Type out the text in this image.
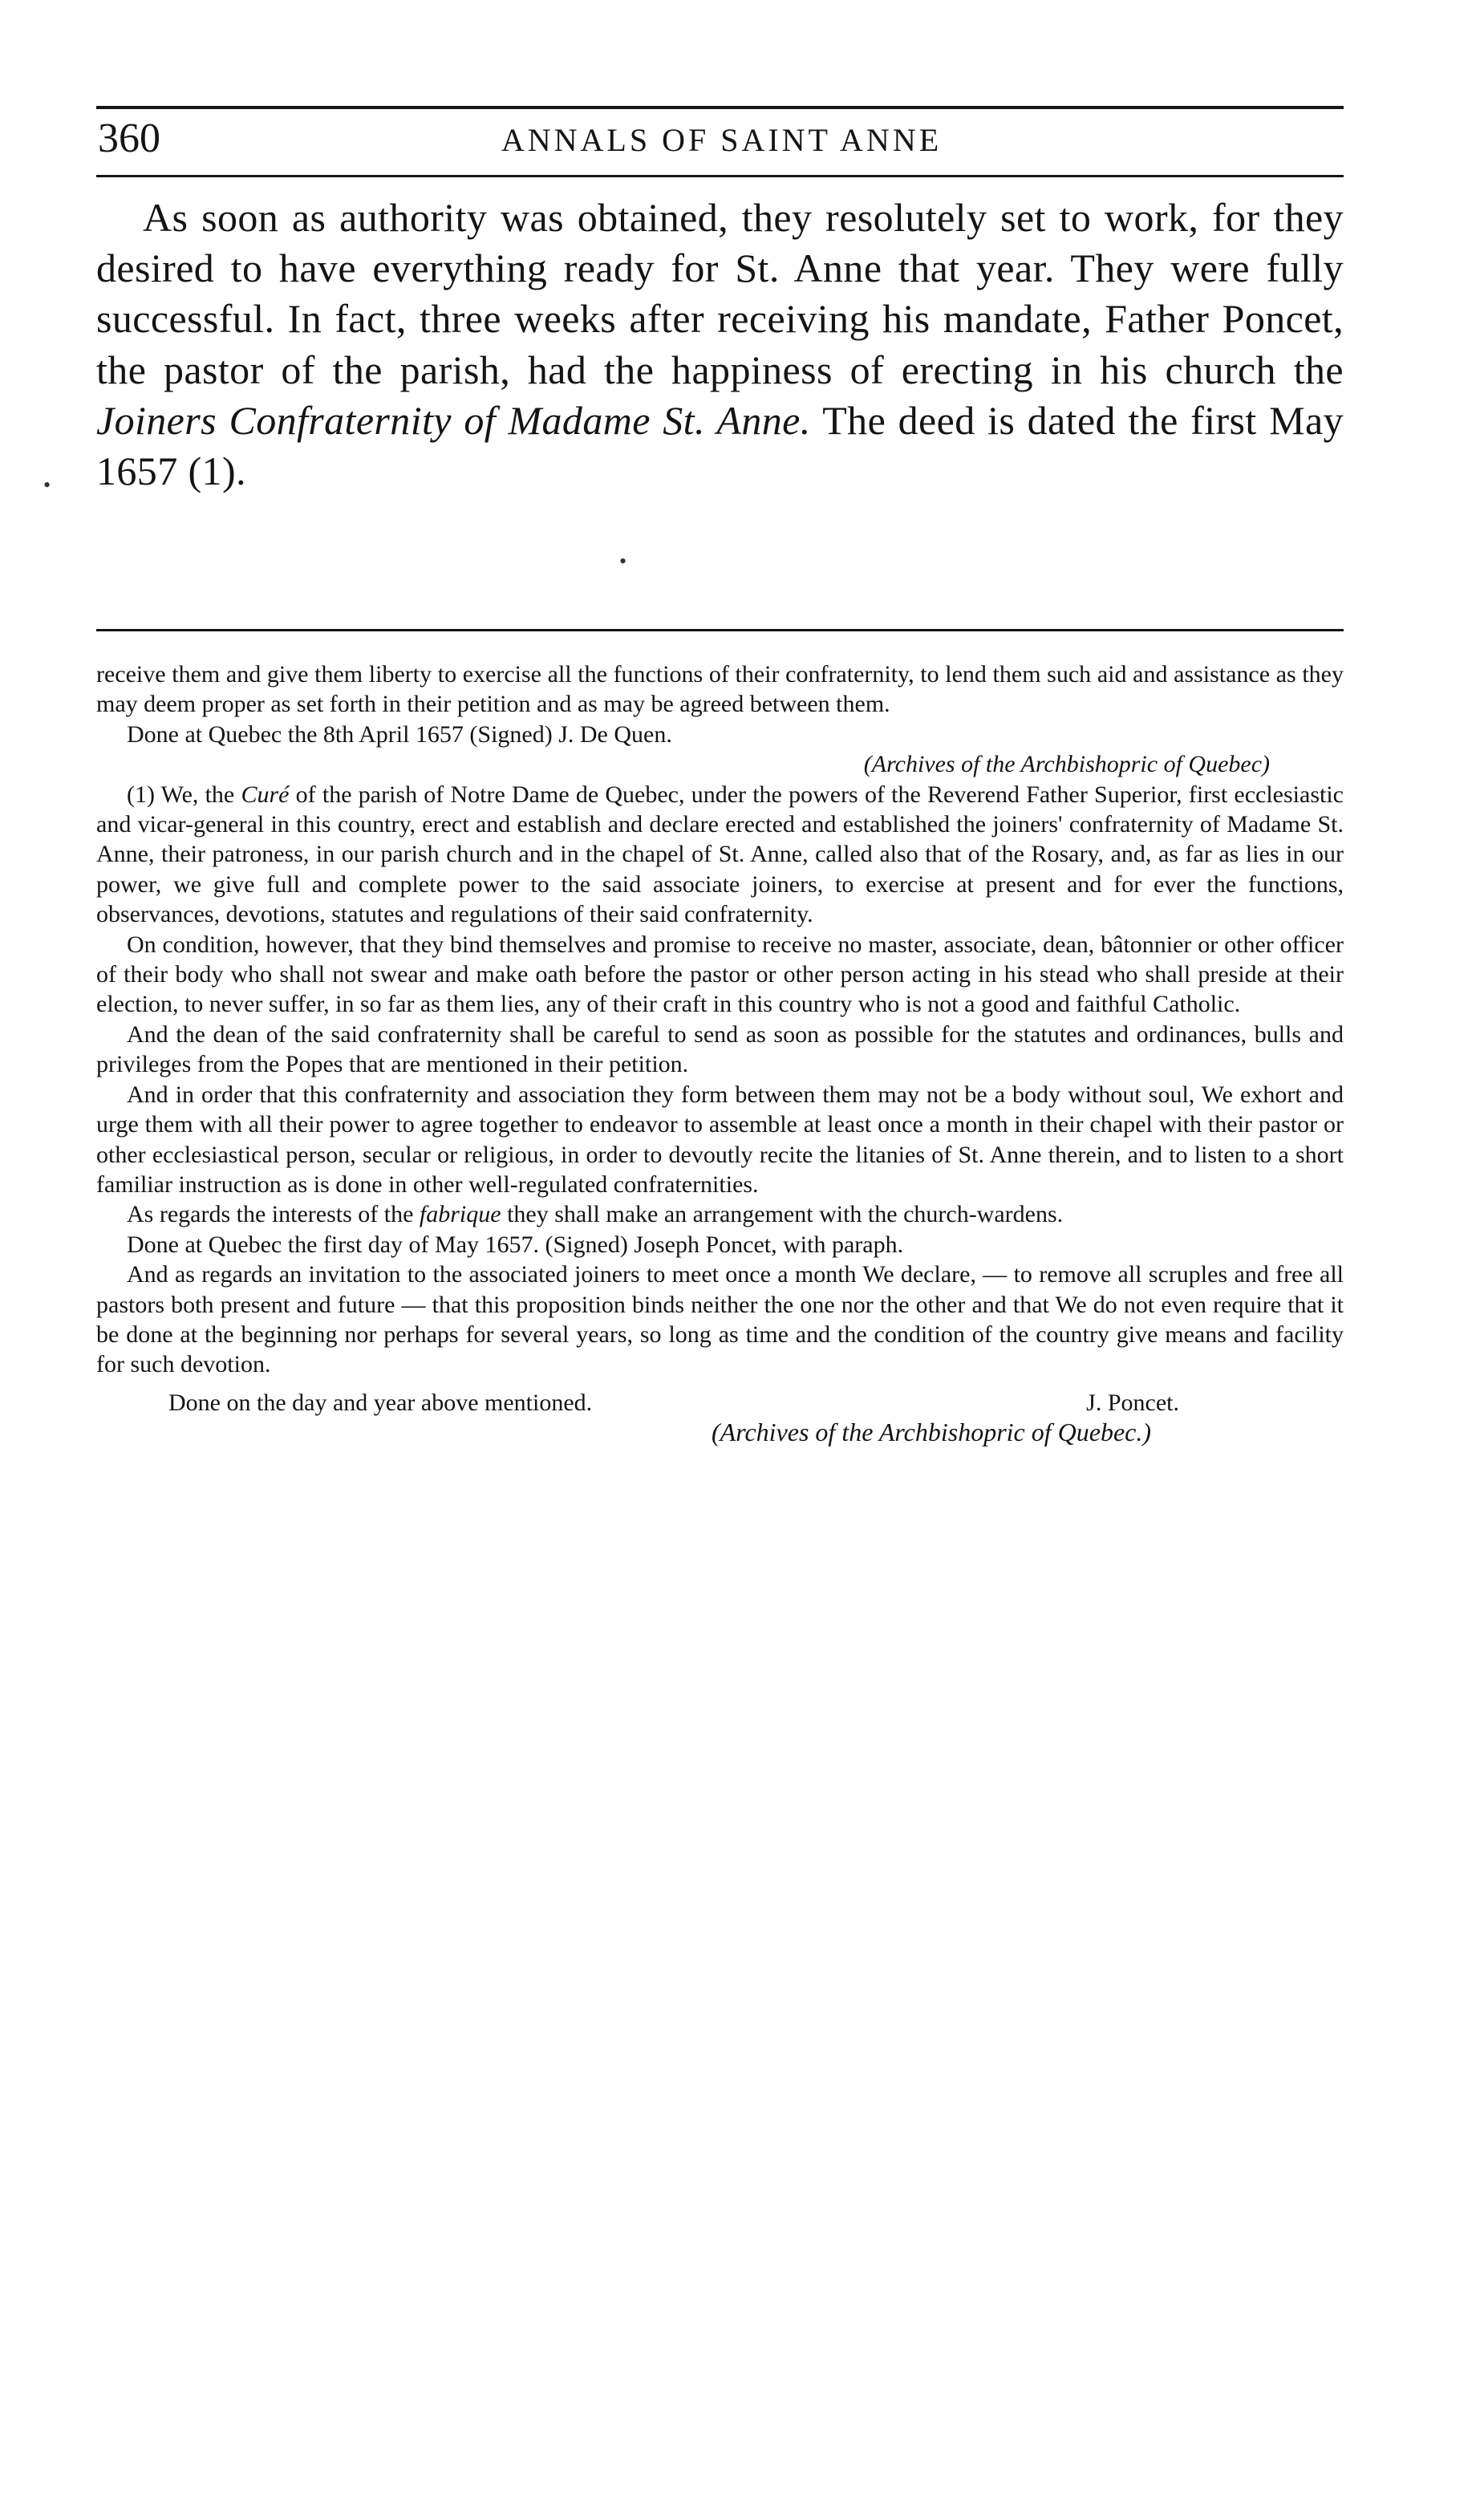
360	ANNALS OF SAINT ANNE

As soon as authority was obtained, they resolutely set to work, for they desired to have everything ready for St. Anne that year. They were fully successful. In fact, three weeks after receiving his mandate, Father Poncet, the pastor of the parish, had the happiness of erecting in his church the Joiners Confraternity of Madame St. Anne. The deed is dated the first May 1657 (1).

receive them and give them liberty to exercise all the functions of their confraternity, to lend them such aid and assistance as they may deem proper as set forth in their petition and as may be agreed between them.

Done at Quebec the 8th April 1657 (Signed) J. De Quen.

(Archives of the Archbishopric of Quebec)

(1) We, the Curé of the parish of Notre Dame de Quebec, under the powers of the Reverend Father Superior, first ecclesiastic and vicar-general in this country, erect and establish and declare erected and established the joiners' confraternity of Madame St. Anne, their patroness, in our parish church and in the chapel of St. Anne, called also that of the Rosary, and, as far as lies in our power, we give full and complete power to the said associate joiners, to exercise at present and for ever the functions, observances, devotions, statutes and regulations of their said confraternity.

On condition, however, that they bind themselves and promise to receive no master, associate, dean, bâtonnier or other officer of their body who shall not swear and make oath before the pastor or other person acting in his stead who shall preside at their election, to never suffer, in so far as them lies, any of their craft in this country who is not a good and faithful Catholic.

And the dean of the said confraternity shall be careful to send as soon as possible for the statutes and ordinances, bulls and privileges from the Popes that are mentioned in their petition.

And in order that this confraternity and association they form between them may not be a body without soul, We exhort and urge them with all their power to agree together to endeavor to assemble at least once a month in their chapel with their pastor or other ecclesiastical person, secular or religious, in order to devoutly recite the litanies of St. Anne therein, and to listen to a short familiar instruction as is done in other well-regulated confraternities.

As regards the interests of the fabrique they shall make an arrangement with the church-wardens.

Done at Quebec the first day of May 1657. (Signed) Joseph Poncet, with paraph.

And as regards an invitation to the associated joiners to meet once a month We declare, — to remove all scruples and free all pastors both present and future — that this proposition binds neither the one nor the other and that We do not even require that it be done at the beginning nor perhaps for several years, so long as time and the condition of the country give means and facility for such devotion.

Done on the day and year above mentioned.	J. Poncet.

(Archives of the Archbishopric of Quebec.)

•
•
